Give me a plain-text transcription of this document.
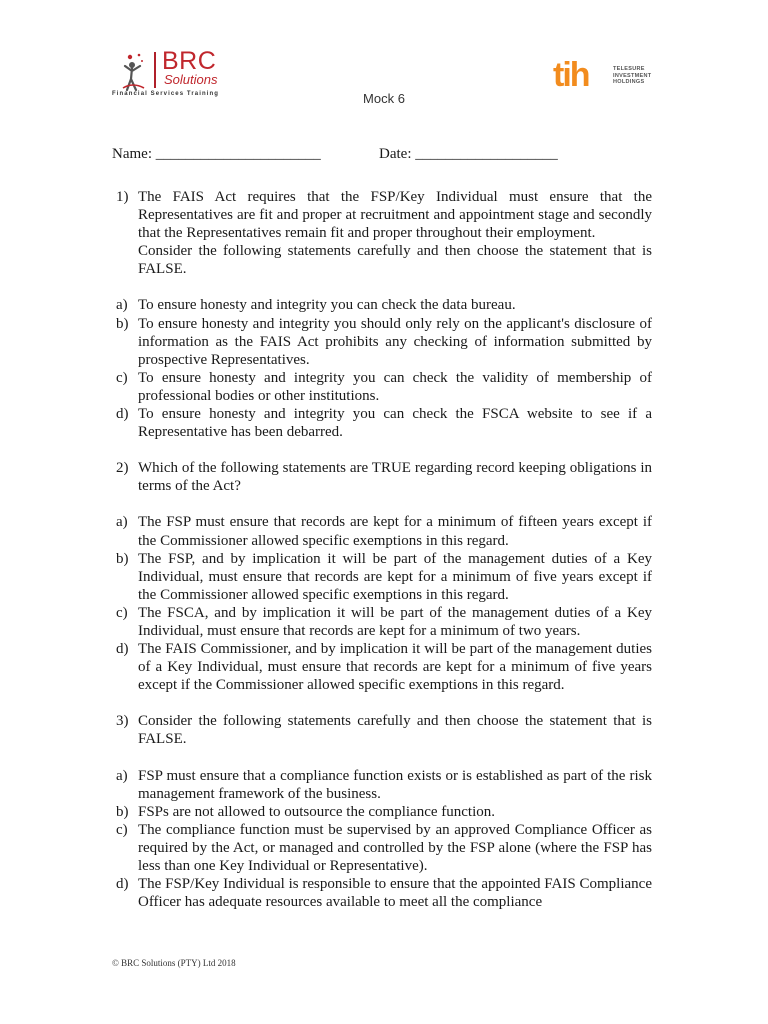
BRC
Solutions
Financial Services Training	tih	TELESURE
INVESTMENT
HOLDINGS
Mock 6
Name: ______________________	Date: ___________________
1) The FAIS Act requires that the FSP/Key Individual must ensure that the Representatives are fit and proper at recruitment and appointment stage and secondly that the Representatives remain fit and proper throughout their employment.

Consider the following statements carefully and then choose the statement that is FALSE.

a) To ensure honesty and integrity you can check the data bureau.
b) To ensure honesty and integrity you should only rely on the applicant's disclosure of information as the FAIS Act prohibits any checking of information submitted by prospective Representatives.
c) To ensure honesty and integrity you can check the validity of membership of professional bodies or other institutions.
d) To ensure honesty and integrity you can check the FSCA website to see if a Representative has been debarred.
2) Which of the following statements are TRUE regarding record keeping obligations in terms of the Act?

a) The FSP must ensure that records are kept for a minimum of fifteen years except if the Commissioner allowed specific exemptions in this regard.
b) The FSP, and by implication it will be part of the management duties of a Key Individual, must ensure that records are kept for a minimum of five years except if the Commissioner allowed specific exemptions in this regard.
c) The FSCA, and by implication it will be part of the management duties of a Key Individual, must ensure that records are kept for a minimum of two years.
d) The FAIS Commissioner, and by implication it will be part of the management duties of a Key Individual, must ensure that records are kept for a minimum of five years except if the Commissioner allowed specific exemptions in this regard.
3) Consider the following statements carefully and then choose the statement that is FALSE.

a) FSP must ensure that a compliance function exists or is established as part of the risk management framework of the business.
b) FSPs are not allowed to outsource the compliance function.
c) The compliance function must be supervised by an approved Compliance Officer as required by the Act, or managed and controlled by the FSP alone (where the FSP has less than one Key Individual or Representative).
d) The FSP/Key Individual is responsible to ensure that the appointed FAIS Compliance Officer has adequate resources available to meet all the compliance
© BRC Solutions (PTY) Ltd 2018
